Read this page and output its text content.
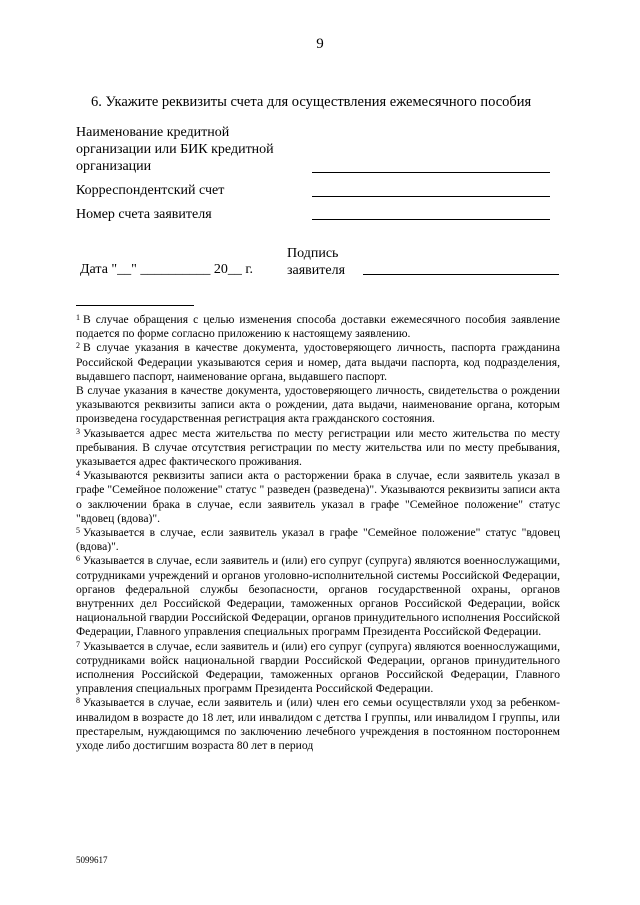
9
6. Укажите реквизиты счета для осуществления ежемесячного пособия
Наименование кредитной
организации или БИК кредитной
организации
Корреспондентский счет
Номер счета заявителя
Подпись
заявителя
Дата "__" __________ 20__ г.

$^1$ В случае обращения с целью изменения способа доставки ежемесячного пособия заявление подается по форме согласно приложению к настоящему заявлению.

$^2$ В случае указания в качестве документа, удостоверяющего личность, паспорта гражданина Российской Федерации указываются серия и номер, дата выдачи паспорта, код подразделения, выдавшего паспорт, наименование органа, выдавшего паспорт.

В случае указания в качестве документа, удостоверяющего личность, свидетельства о рождении указываются реквизиты записи акта о рождении, дата выдачи, наименование органа, которым произведена государственная регистрация акта гражданского состояния.

$^3$ Указывается адрес места жительства по месту регистрации или место жительства по месту пребывания. В случае отсутствия регистрации по месту жительства или по месту пребывания, указывается адрес фактического проживания.

$^4$ Указываются реквизиты записи акта о расторжении брака в случае, если заявитель указал в графе "Семейное положение" статус " разведен (разведена)". Указываются реквизиты записи акта о заключении брака в случае, если заявитель указал в графе "Семейное положение" статус "вдовец (вдова)".

$^5$ Указывается в случае, если заявитель указал в графе "Семейное положение" статус "вдовец (вдова)".

$^6$ Указывается в случае, если заявитель и (или) его супруг (супруга) являются военнослужащими, сотрудниками учреждений и органов уголовно-исполнительной системы Российской Федерации, органов федеральной службы безопасности, органов государственной охраны, органов внутренних дел Российской Федерации, таможенных органов Российской Федерации, войск национальной гвардии Российской Федерации, органов принудительного исполнения Российской Федерации, Главного управления специальных программ Президента Российской Федерации.

$^7$ Указывается в случае, если заявитель и (или) его супруг (супруга) являются военнослужащими, сотрудниками войск национальной гвардии Российской Федерации, органов принудительного исполнения Российской Федерации, таможенных органов Российской Федерации, Главного управления специальных программ Президента Российской Федерации.

$^8$ Указывается в случае, если заявитель и (или) член его семьи осуществляли уход за ребенком-инвалидом в возрасте до 18 лет, или инвалидом с детства I группы, или инвалидом I группы, или престарелым, нуждающимся по заключению лечебного учреждения в постоянном постороннем уходе либо достигшим возраста 80 лет в период

5099617
